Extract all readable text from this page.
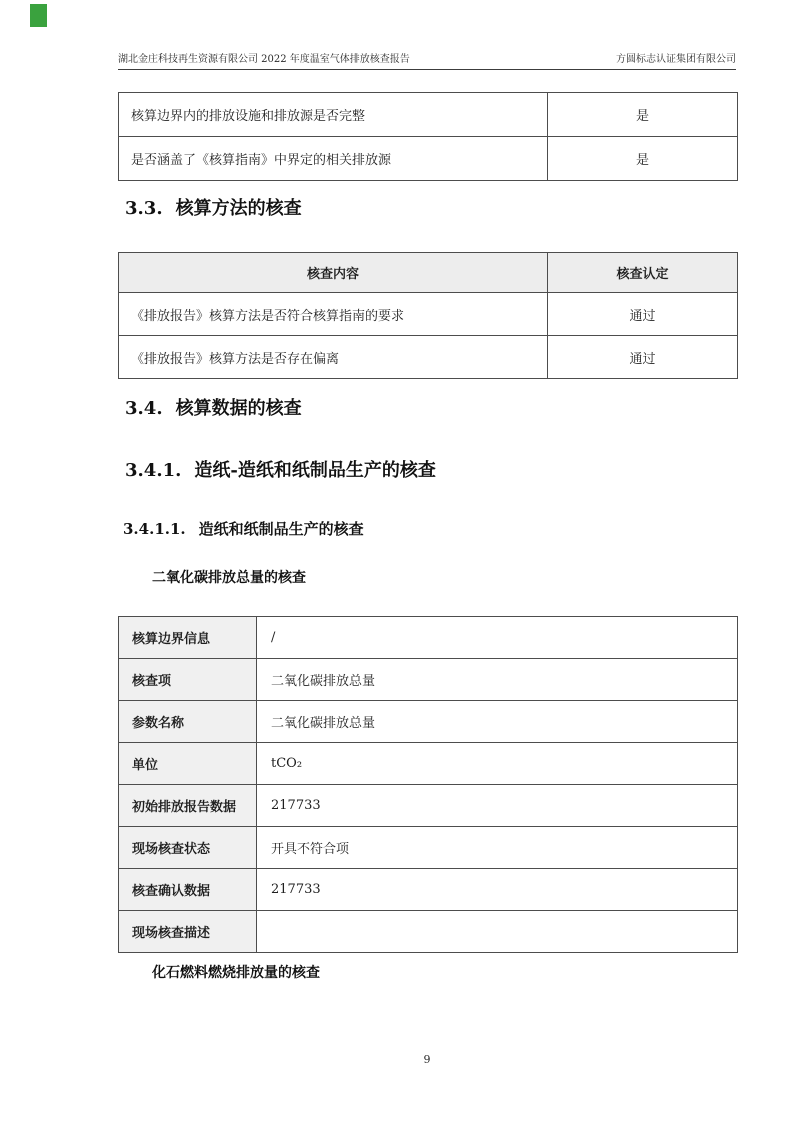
湖北金庄科技再生资源有限公司 2022 年度温室气体排放核查报告	方圆标志认证集团有限公司
核算边界内的排放设施和排放源是否完整	是
是否涵盖了《核算指南》中界定的相关排放源	是
3.3. 核算方法的核查
核查内容	核查认定
《排放报告》核算方法是否符合核算指南的要求	通过
《排放报告》核算方法是否存在偏离	通过
3.4. 核算数据的核查
3.4.1. 造纸-造纸和纸制品生产的核查
3.4.1.1. 造纸和纸制品生产的核查

二氧化碳排放总量的核查

核算边界信息	/
核查项	二氧化碳排放总量
参数名称	二氧化碳排放总量
单位	tCO₂
初始排放报告数据	217733
现场核查状态	开具不符合项
核查确认数据	217733
现场核查描述	

化石燃料燃烧排放量的核查

9
